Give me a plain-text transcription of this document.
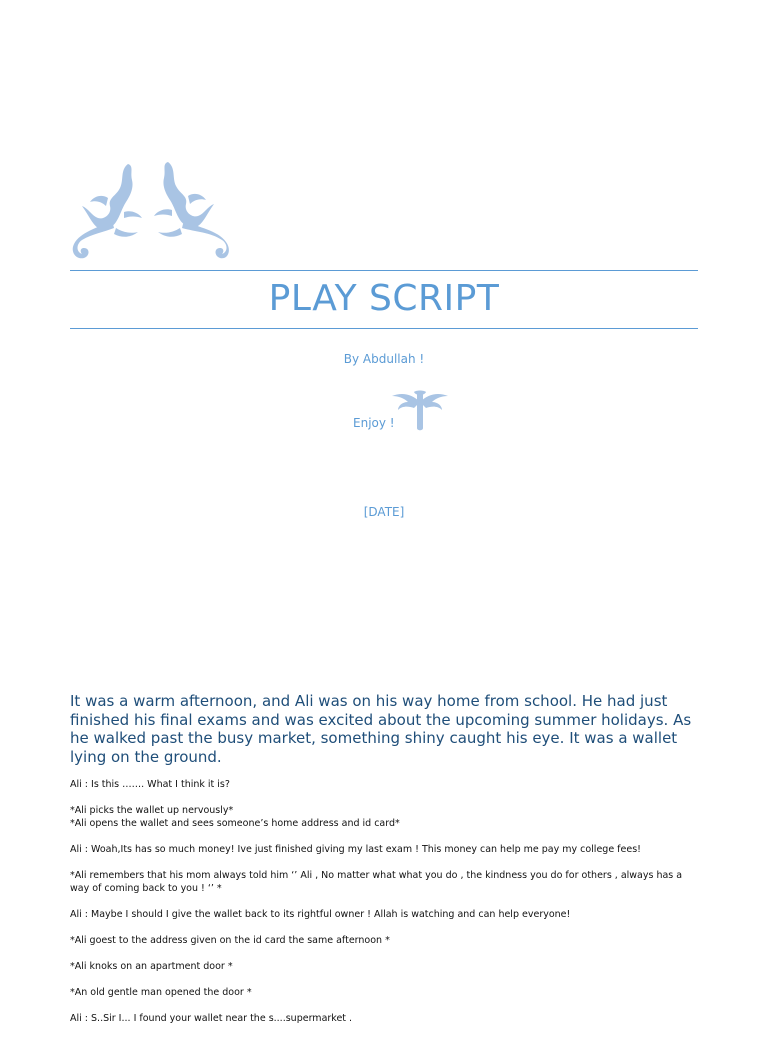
PLAY SCRIPT
By Abdullah !
Enjoy !
[DATE]
It was a warm afternoon, and Ali was on his way home from school. He had just finished his final exams and was excited about the upcoming summer holidays. As he walked past the busy market, something shiny caught his eye. It was a wallet lying on the ground.

Ali : Is this ……. What I think it is?

*Ali picks the wallet up nervously*

*Ali opens the wallet and sees someone’s home address and id card*

Ali : Woah,Its has so much money! Ive just finished giving my last exam ! This money can help me pay my college fees!

*Ali remembers that his mom always told him ‘’ Ali , No matter what what you do , the kindness you do for others , always has a way of coming back to you ! ‘’ *

Ali : Maybe I should I give the wallet back to its rightful owner ! Allah is watching and can help everyone!

*Ali goest to the address given on the id card the same afternoon *

*Ali knoks on an apartment door *

*An old gentle man opened the door *

Ali : S..Sir I... I found your wallet near the s....supermarket .
